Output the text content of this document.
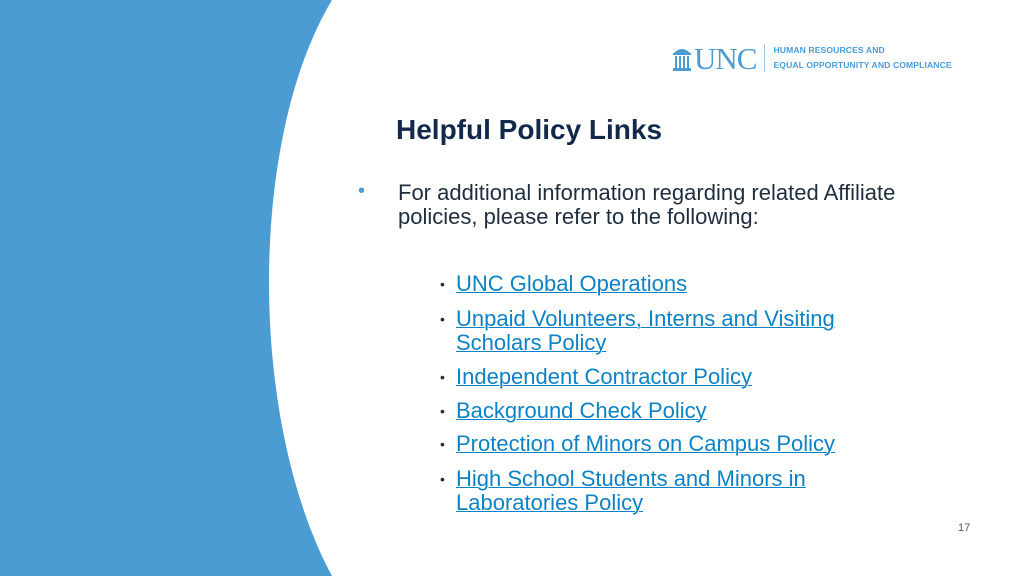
UNC HUMAN RESOURCES AND
EQUAL OPPORTUNITY AND COMPLIANCE
Helpful Policy Links
• For additional information regarding related Affiliate policies, please refer to the following:
• UNC Global Operations
• Unpaid Volunteers, Interns and Visiting Scholars Policy
• Independent Contractor Policy
• Background Check Policy
• Protection of Minors on Campus Policy
• High School Students and Minors in Laboratories Policy
17
